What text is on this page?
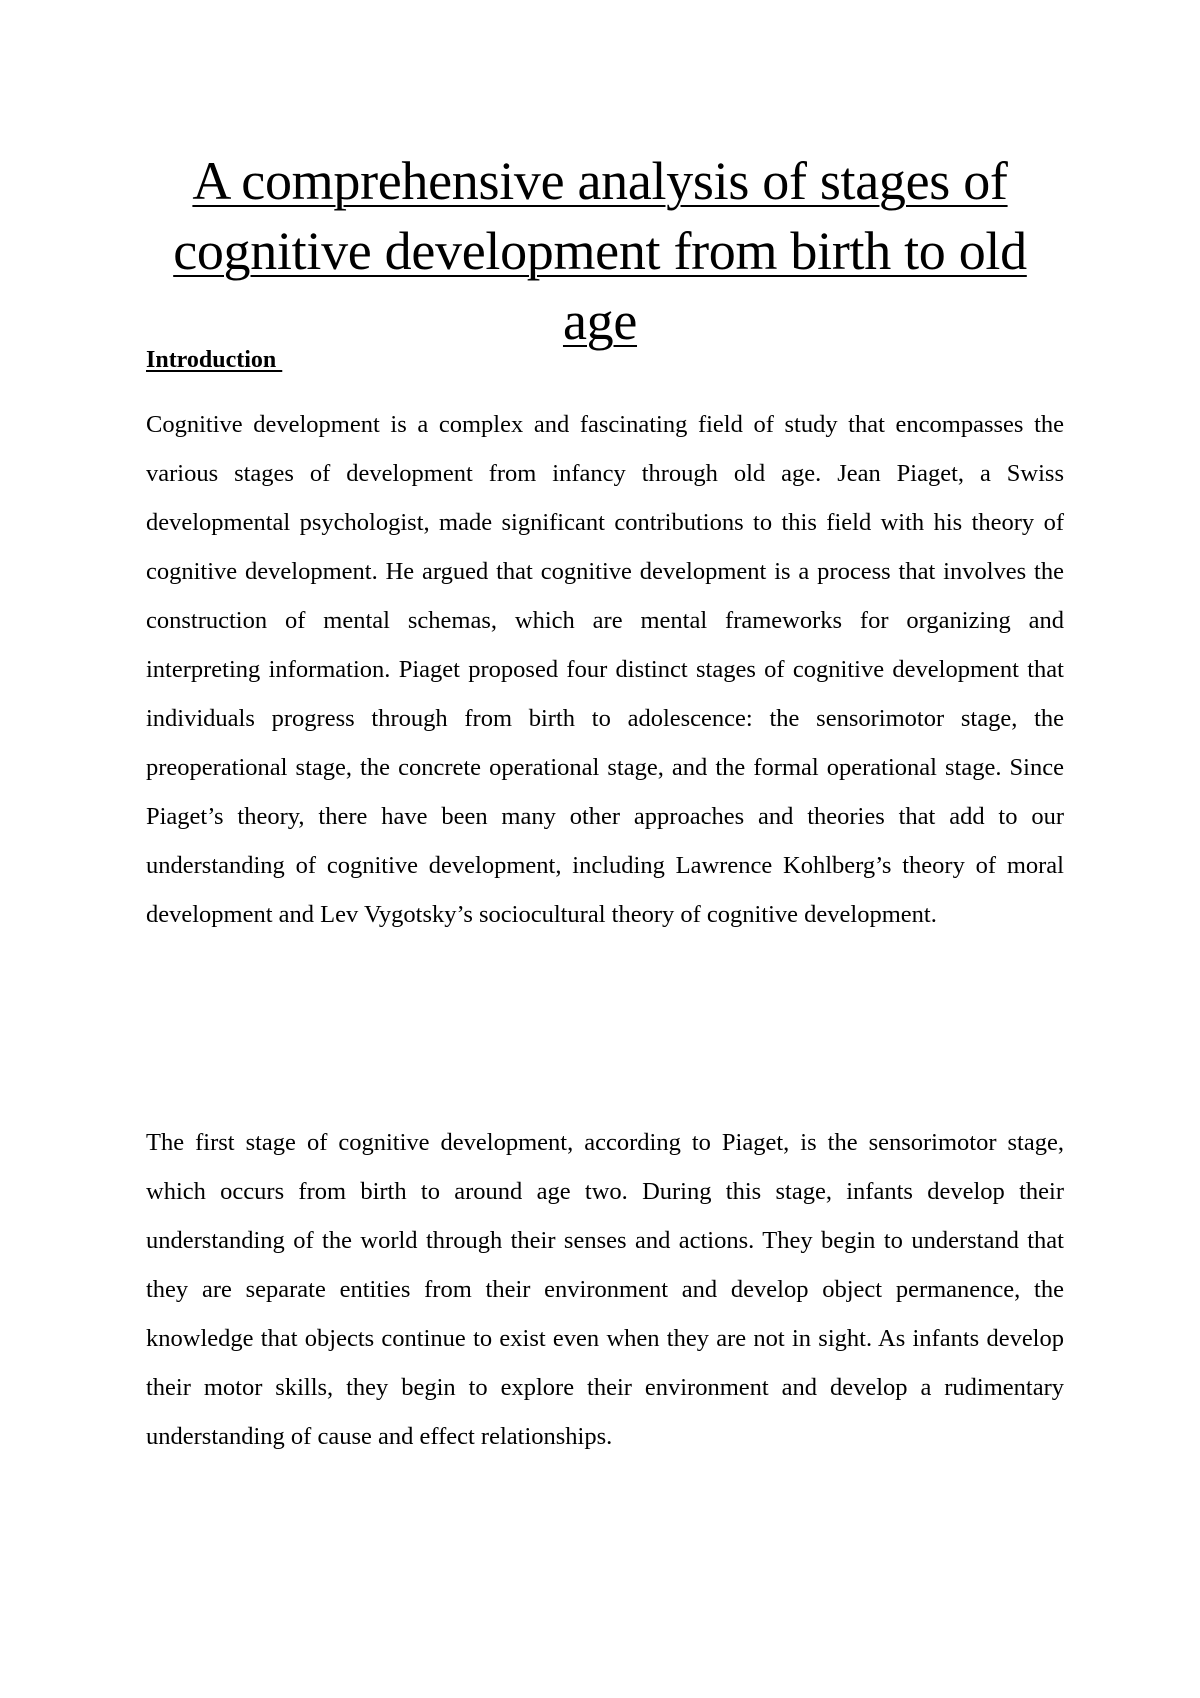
A comprehensive analysis of stages of cognitive development from birth to old age
Introduction

Cognitive development is a complex and fascinating field of study that encompasses the various stages of development from infancy through old age. Jean Piaget, a Swiss developmental psychologist, made significant contributions to this field with his theory of cognitive development. He argued that cognitive development is a process that involves the construction of mental schemas, which are mental frameworks for organizing and interpreting information. Piaget proposed four distinct stages of cognitive development that individuals progress through from birth to adolescence: the sensorimotor stage, the preoperational stage, the concrete operational stage, and the formal operational stage. Since Piaget’s theory, there have been many other approaches and theories that add to our understanding of cognitive development, including Lawrence Kohlberg’s theory of moral development and Lev Vygotsky’s sociocultural theory of cognitive development.

The first stage of cognitive development, according to Piaget, is the sensorimotor stage, which occurs from birth to around age two. During this stage, infants develop their understanding of the world through their senses and actions. They begin to understand that they are separate entities from their environment and develop object permanence, the knowledge that objects continue to exist even when they are not in sight. As infants develop their motor skills, they begin to explore their environment and develop a rudimentary understanding of cause and effect relationships.
